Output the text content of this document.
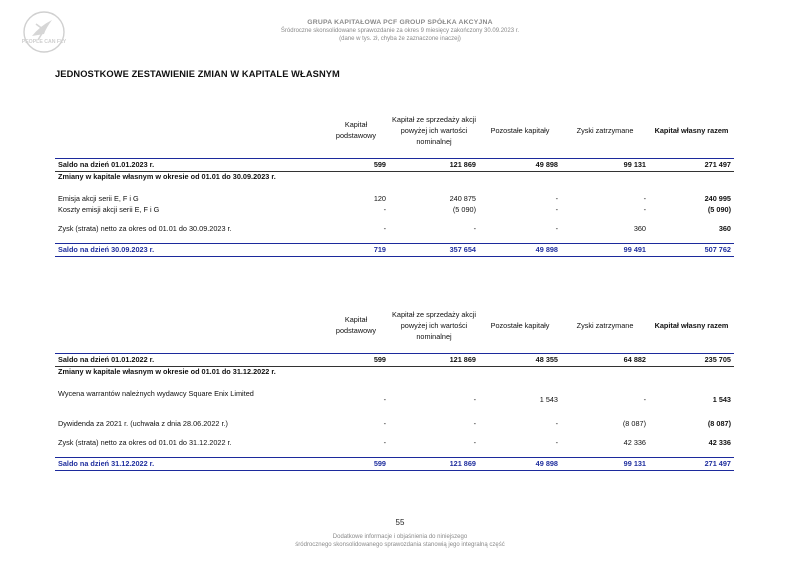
PEOPLE CAN FLY
GRUPA KAPITAŁOWA PCF GROUP SPÓŁKA AKCYJNA
Śródroczne skonsolidowane sprawozdanie za okres 9 miesięcy zakończony 30.09.2023 r.
(dane w tys. zł, chyba że zaznaczone inaczej)
JEDNOSTKOWE ZESTAWIENIE ZMIAN W KAPITALE WŁASNYM
	Kapitał podstawowy	Kapitał ze sprzedaży akcji powyżej ich wartości nominalnej	Pozostałe kapitały	Zyski zatrzymane	Kapitał własny razem
Saldo na dzień 01.01.2023 r.	599	121 869	49 898	99 131	271 497
Zmiany w kapitale własnym w okresie od 01.01 do 30.09.2023 r.					
Emisja akcji serii E, F i G	120	240 875	-	-	240 995
Koszty emisji akcji serii E, F i G	-	(5 090)	-	-	(5 090)

Zysk (strata) netto za okres od 01.01 do 30.09.2023 r.	-	-	-	360	360

Saldo na dzień 30.09.2023 r.	719	357 654	49 898	99 491	507 762
	Kapitał podstawowy	Kapitał ze sprzedaży akcji powyżej ich wartości nominalnej	Pozostałe kapitały	Zyski zatrzymane	Kapitał własny razem
Saldo na dzień 01.01.2022 r.	599	121 869	48 355	64 882	235 705
Zmiany w kapitale własnym w okresie od 01.01 do 31.12.2022 r.					
Wycena warrantów należnych wydawcy Square Enix Limited	-	-	1 543	-	1 543

Dywidenda za 2021 r. (uchwała z dnia 28.06.2022 r.)	-	-	-	(8 087)	(8 087)

Zysk (strata) netto za okres od 01.01 do 31.12.2022 r.	-	-	-	42 336	42 336

Saldo na dzień 31.12.2022 r.	599	121 869	49 898	99 131	271 497
55
Dodatkowe informacje i objaśnienia do niniejszego
śródrocznego skonsolidowanego sprawozdania stanowią jego integralną część
